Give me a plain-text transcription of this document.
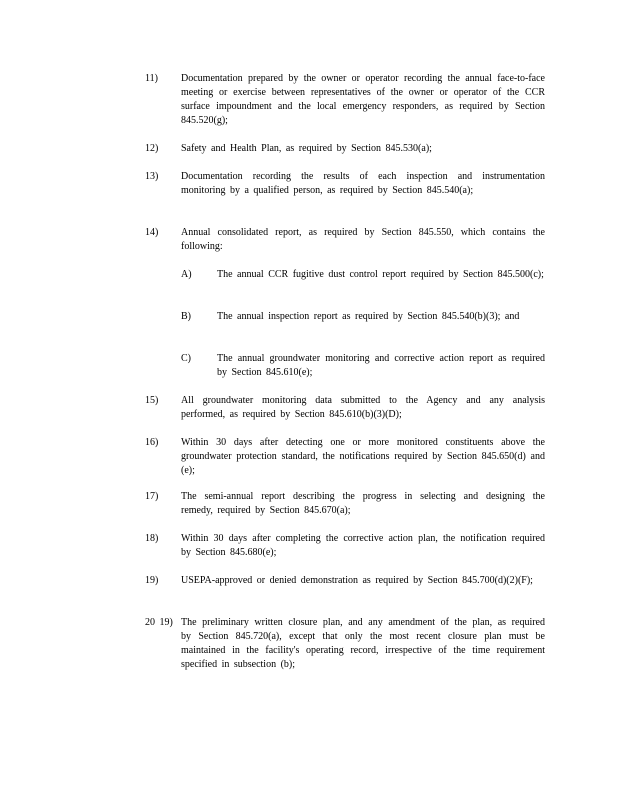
11)	Documentation prepared by the owner or operator recording the annual face-to-face meeting or exercise between representatives of the owner or operator of the CCR surface impoundment and the local emergency responders, as required by Section 845.520(g);
12)	Safety and Health Plan, as required by Section 845.530(a);
13)	Documentation recording the results of each inspection and instrumentation monitoring by a qualified person, as required by Section 845.540(a);
14)	Annual consolidated report, as required by Section 845.550, which contains the following:
A)	The annual CCR fugitive dust control report required by Section 845.500(c);
B)	The annual inspection report as required by Section 845.540(b)(3); and
C)	The annual groundwater monitoring and corrective action report as required by Section 845.610(e);
15)	All groundwater monitoring data submitted to the Agency and any analysis performed, as required by Section 845.610(b)(3)(D);
16)	Within 30 days after detecting one or more monitored constituents above the groundwater protection standard, the notifications required by Section 845.650(d) and (e);
17)	The semi-annual report describing the progress in selecting and designing the remedy, required by Section 845.670(a);
18)	Within 30 days after completing the corrective action plan, the notification required by Section 845.680(e);
19)	USEPA-approved or denied demonstration as required by Section 845.700(d)(2)(F);
20 19) The preliminary written closure plan, and any amendment of the plan, as required by Section 845.720(a), except that only the most recent closure plan must be maintained in the facility's operating record, irrespective of the time requirement specified in subsection (b);
